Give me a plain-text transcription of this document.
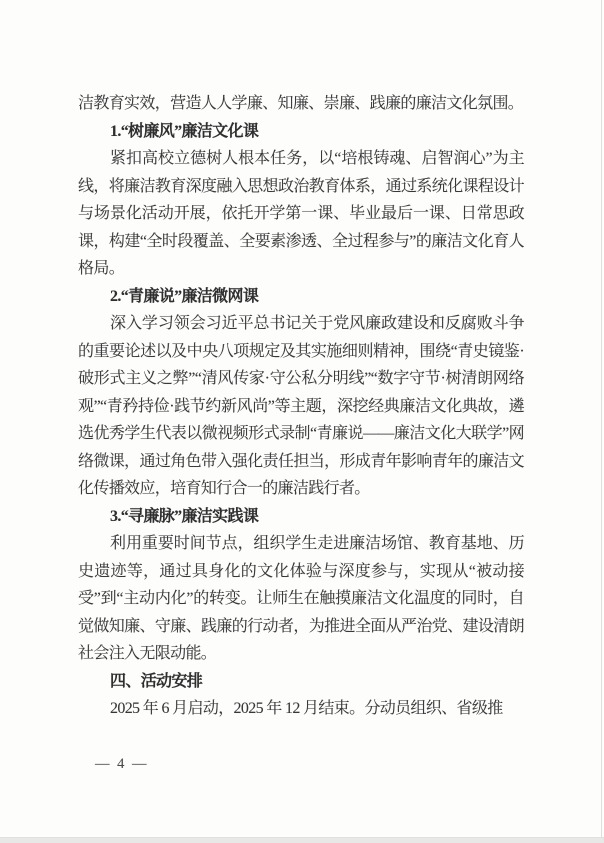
洁教育实效，营造人人学廉、知廉、崇廉、践廉的廉洁文化氛围。

1.“树廉风”廉洁文化课

紧扣高校立德树人根本任务，以“培根铸魂、启智润心”为主线，将廉洁教育深度融入思想政治教育体系，通过系统化课程设计与场景化活动开展，依托开学第一课、毕业最后一课、日常思政课，构建“全时段覆盖、全要素渗透、全过程参与”的廉洁文化育人格局。

2.“青廉说”廉洁微网课

深入学习领会习近平总书记关于党风廉政建设和反腐败斗争的重要论述以及中央八项规定及其实施细则精神，围绕“青史镜鉴·破形式主义之弊”“清风传家·守公私分明线”“数字守节·树清朗网络观”“青矜持俭·践节约新风尚”等主题，深挖经典廉洁文化典故，遴选优秀学生代表以微视频形式录制“青廉说——廉洁文化大联学”网络微课，通过角色带入强化责任担当，形成青年影响青年的廉洁文化传播效应，培育知行合一的廉洁践行者。

3.“寻廉脉”廉洁实践课

利用重要时间节点，组织学生走进廉洁场馆、教育基地、历史遗迹等，通过具身化的文化体验与深度参与，实现从“被动接受”到“主动内化”的转变。让师生在触摸廉洁文化温度的同时，自觉做知廉、守廉、践廉的行动者，为推进全面从严治党、建设清朗社会注入无限动能。

四、活动安排

2025 年 6 月启动，2025 年 12 月结束。分动员组织、省级推

— 4 —
